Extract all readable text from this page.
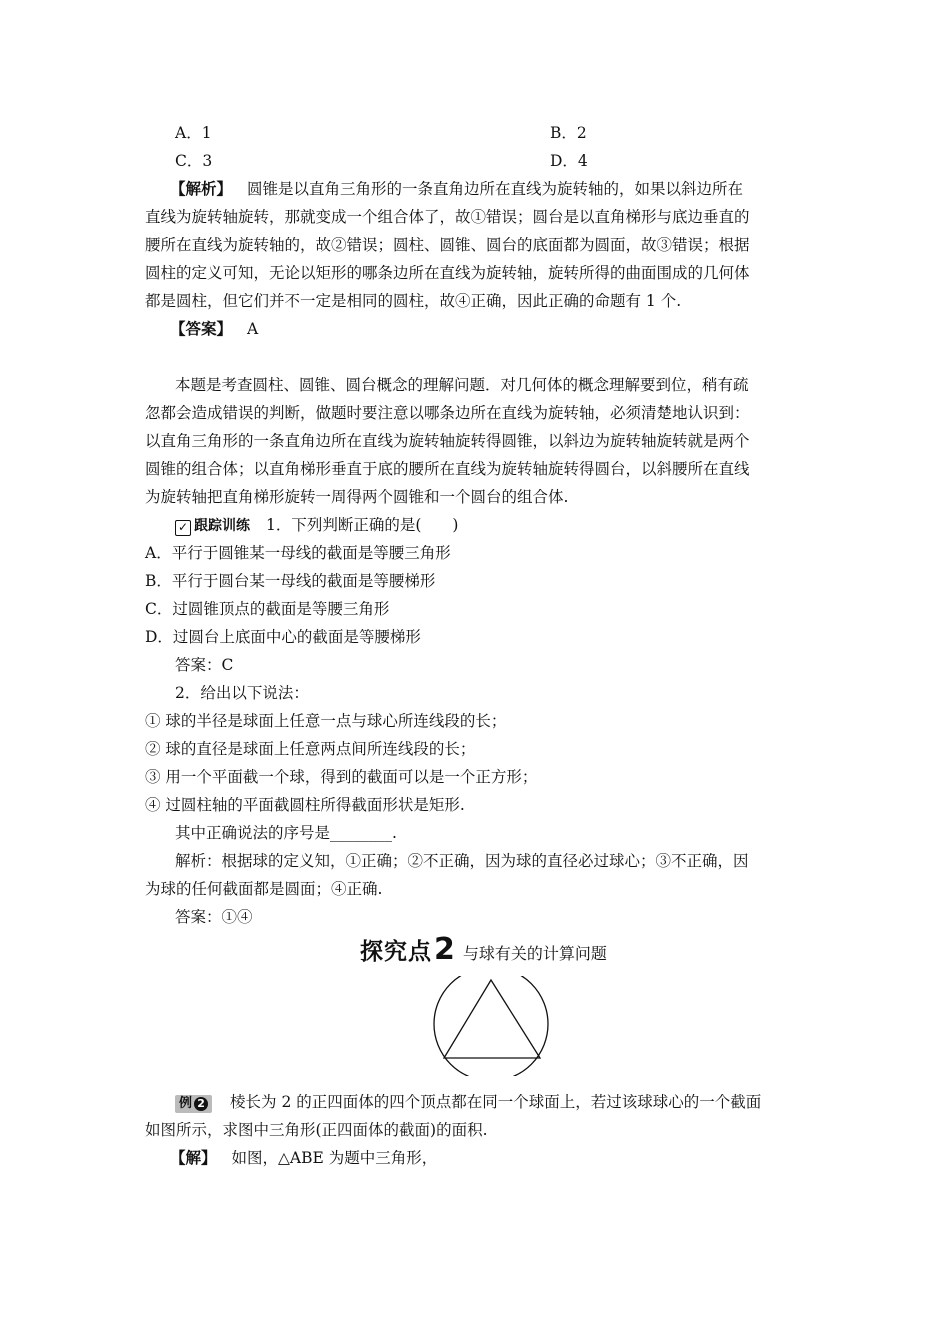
A．1	B．2
C．3	D．4
【解析】 圆锥是以直角三角形的一条直角边所在直线为旋转轴的，如果以斜边所在
直线为旋转轴旋转，那就变成一个组合体了，故①错误；圆台是以直角梯形与底边垂直的
腰所在直线为旋转轴的，故②错误；圆柱、圆锥、圆台的底面都为圆面，故③错误；根据
圆柱的定义可知，无论以矩形的哪条边所在直线为旋转轴，旋转所得的曲面围成的几何体
都是圆柱，但它们并不一定是相同的圆柱，故④正确，因此正确的命题有 1 个.
【答案】 A
本题是考查圆柱、圆锥、圆台概念的理解问题．对几何体的概念理解要到位，稍有疏
忽都会造成错误的判断，做题时要注意以哪条边所在直线为旋转轴，必须清楚地认识到：
以直角三角形的一条直角边所在直线为旋转轴旋转得圆锥，以斜边为旋转轴旋转就是两个
圆锥的组合体；以直角梯形垂直于底的腰所在直线为旋转轴旋转得圆台，以斜腰所在直线
为旋转轴把直角梯形旋转一周得两个圆锥和一个圆台的组合体.
✓ 跟踪训练 1．下列判断正确的是(　　)
A．平行于圆锥某一母线的截面是等腰三角形
B．平行于圆台某一母线的截面是等腰梯形
C．过圆锥顶点的截面是等腰三角形
D．过圆台上底面中心的截面是等腰梯形
答案：C
2．给出以下说法：
① 球的半径是球面上任意一点与球心所连线段的长；
② 球的直径是球面上任意两点间所连线段的长；
③ 用一个平面截一个球，得到的截面可以是一个正方形；
④ 过圆柱轴的平面截圆柱所得截面形状是矩形.
其中正确说法的序号是________.
解析：根据球的定义知，①正确；②不正确，因为球的直径必过球心；③不正确，因
为球的任何截面都是圆面；④正确.
答案：①④
探究点2 与球有关的计算问题
例 2 棱长为 2 的正四面体的四个顶点都在同一个球面上，若过该球球心的一个截面
如图所示，求图中三角形(正四面体的截面)的面积.
【解】 如图，△ABE 为题中三角形，
